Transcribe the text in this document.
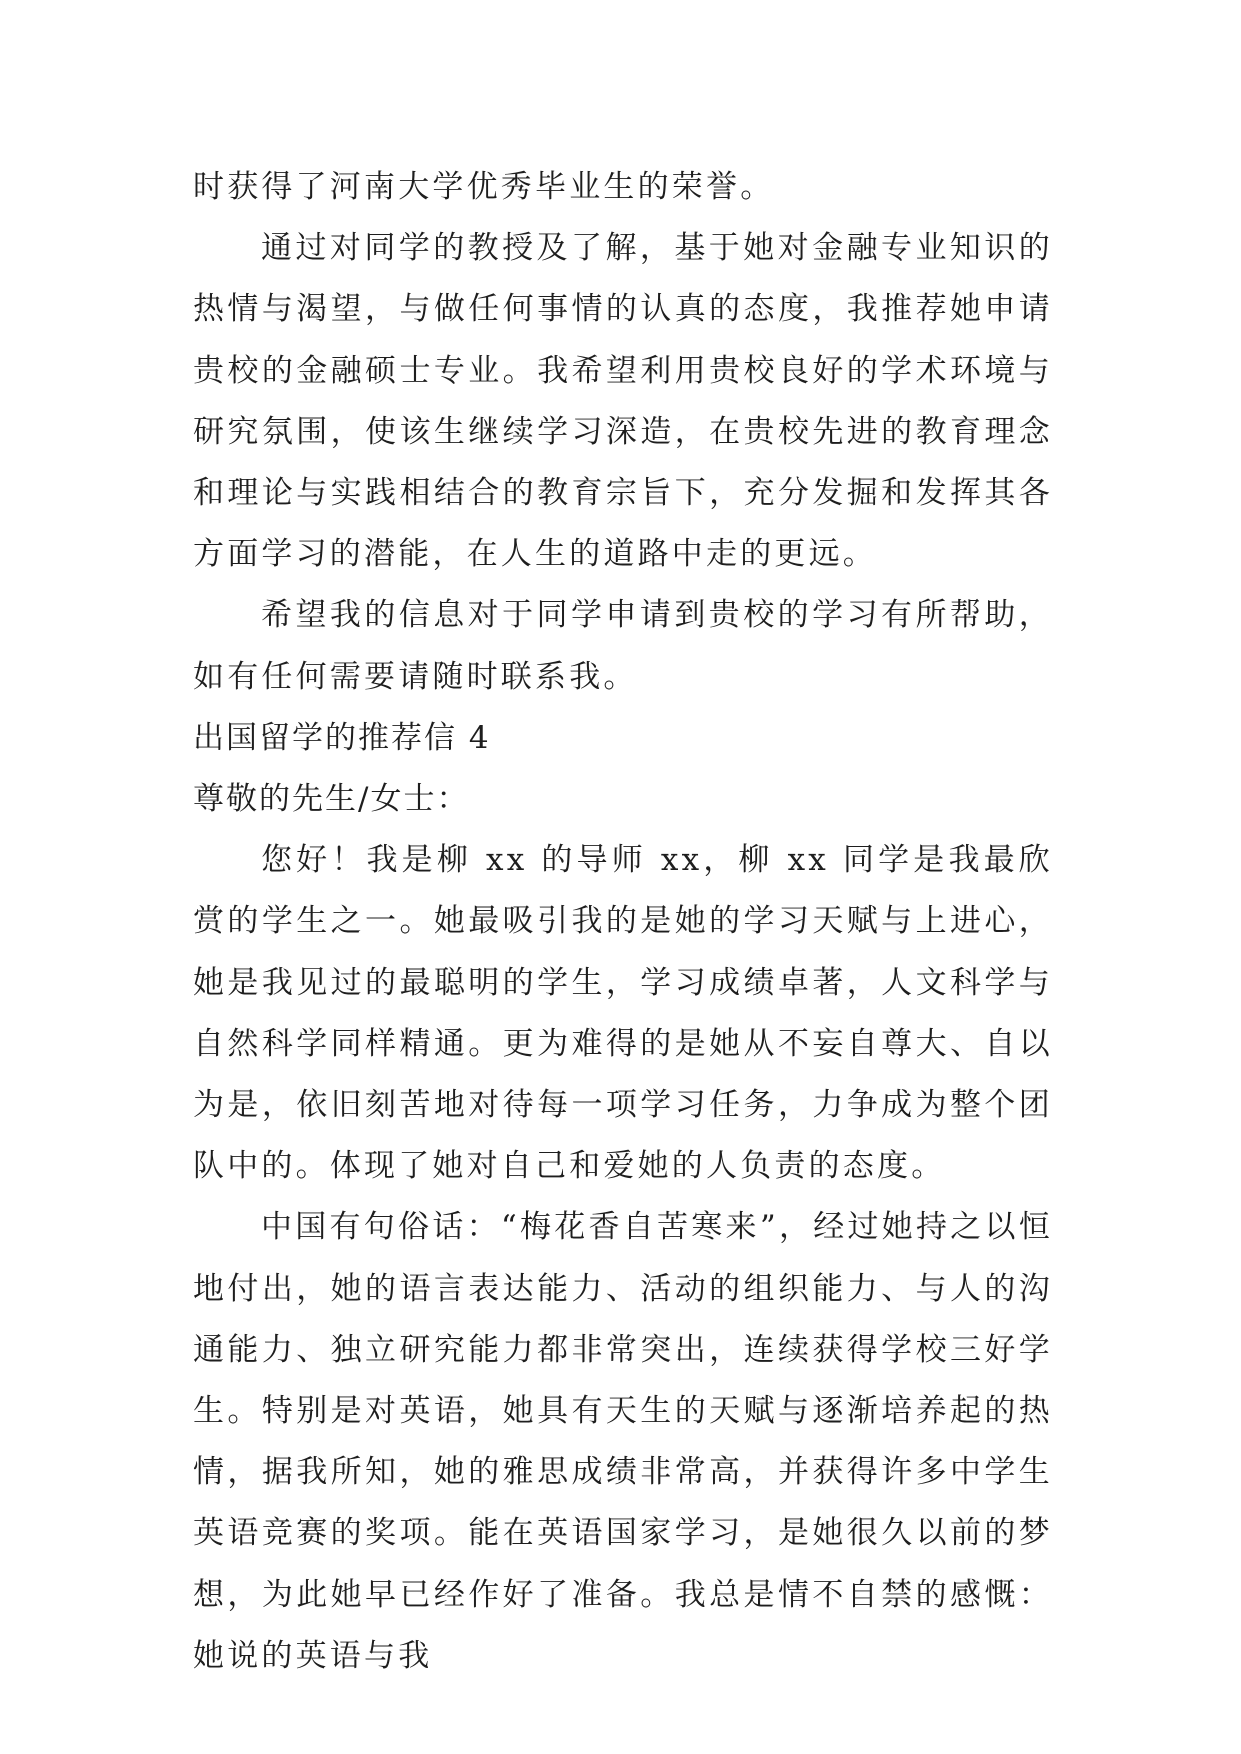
时获得了河南大学优秀毕业生的荣誉。

通过对同学的教授及了解，基于她对金融专业知识的热情与渴望，与做任何事情的认真的态度，我推荐她申请贵校的金融硕士专业。我希望利用贵校良好的学术环境与研究氛围，使该生继续学习深造，在贵校先进的教育理念和理论与实践相结合的教育宗旨下，充分发掘和发挥其各方面学习的潜能，在人生的道路中走的更远。

希望我的信息对于同学申请到贵校的学习有所帮助，如有任何需要请随时联系我。

出国留学的推荐信 4

尊敬的先生/女士：

您好！我是柳 xx 的导师 xx，柳 xx 同学是我最欣赏的学生之一。她最吸引我的是她的学习天赋与上进心，她是我见过的最聪明的学生，学习成绩卓著，人文科学与自然科学同样精通。更为难得的是她从不妄自尊大、自以为是，依旧刻苦地对待每一项学习任务，力争成为整个团队中的。体现了她对自己和爱她的人负责的态度。

中国有句俗话：“梅花香自苦寒来”，经过她持之以恒地付出，她的语言表达能力、活动的组织能力、与人的沟通能力、独立研究能力都非常突出，连续获得学校三好学生。特别是对英语，她具有天生的天赋与逐渐培养起的热情，据我所知，她的雅思成绩非常高，并获得许多中学生英语竞赛的奖项。能在英语国家学习，是她很久以前的梦想，为此她早已经作好了准备。我总是情不自禁的感慨：她说的英语与我
